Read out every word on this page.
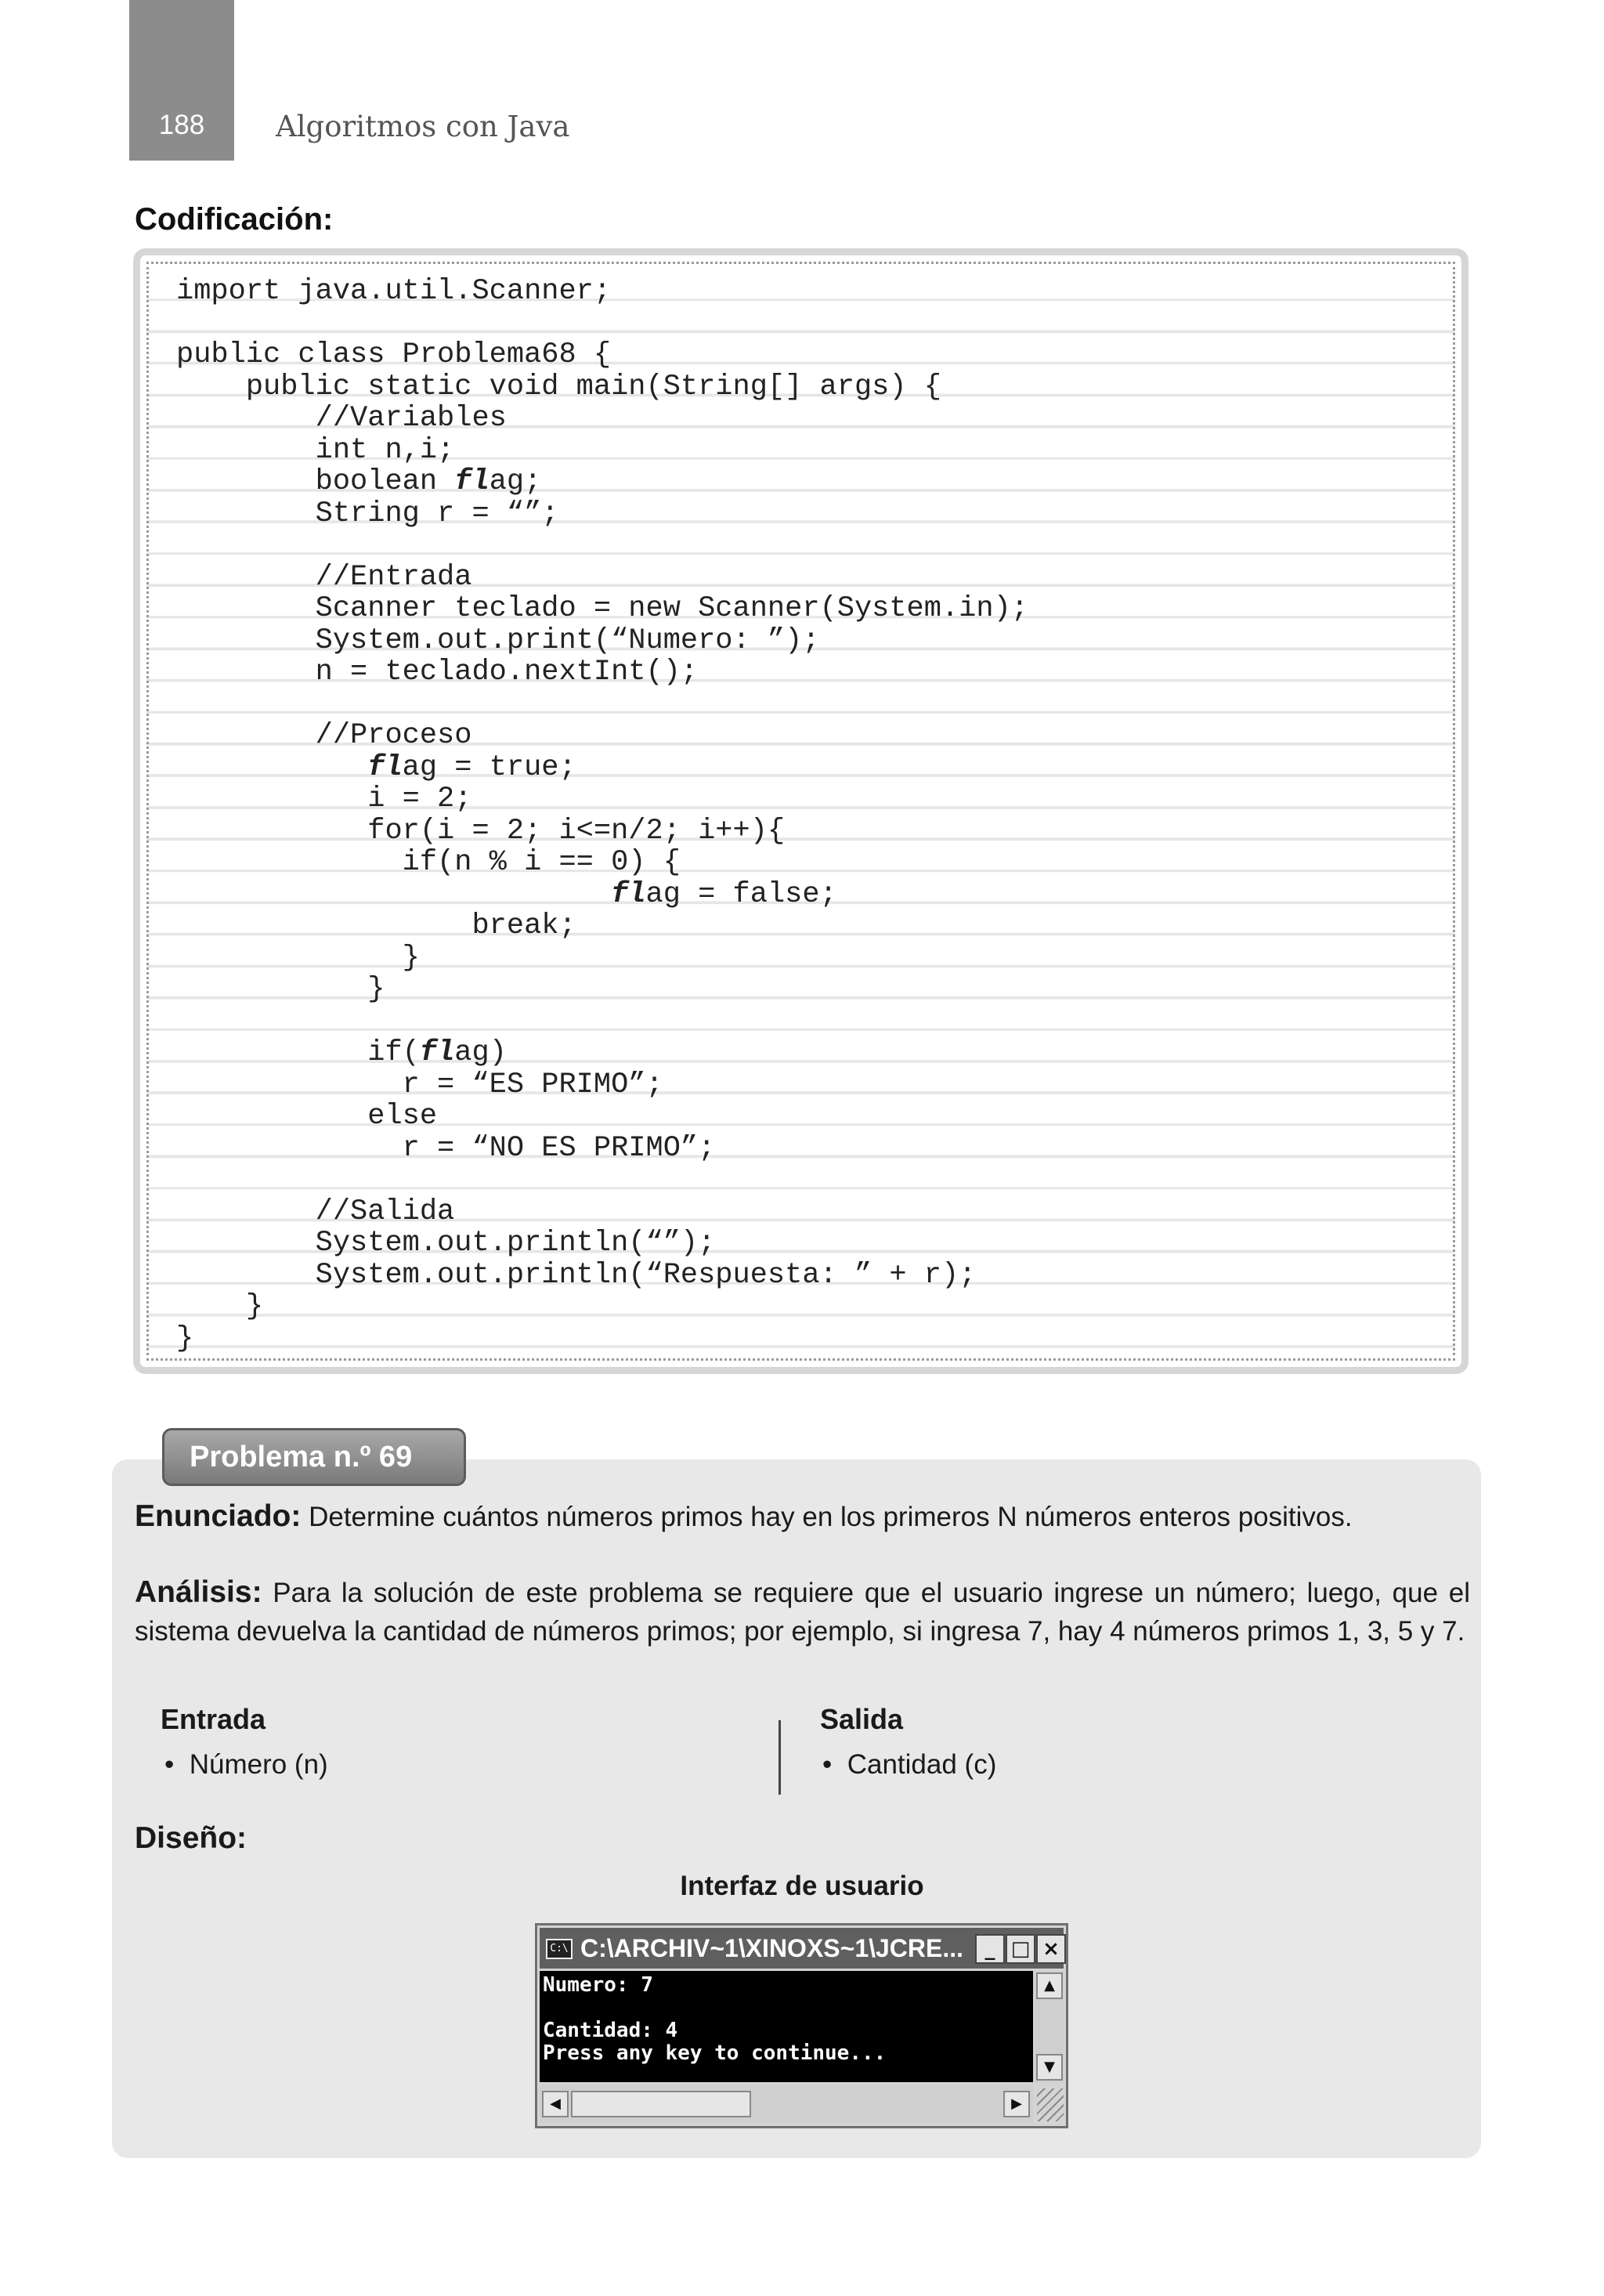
188	Algoritmos con Java
Codificación:
import java.util.Scanner;
public class Problema68 {
public static void main(String[] args) {
//Variables
int n,i;
boolean flag;
String r = “”;
//Entrada
Scanner teclado = new Scanner(System.in);
System.out.print(“Numero: ”);
n = teclado.nextInt();
//Proceso
flag = true;
i = 2;
for(i = 2; i<=n/2; i++){
if(n % i == 0) {
flag = false;
break;
}
}
if(flag)
r = “ES PRIMO”;
else
r = “NO ES PRIMO”;
//Salida
System.out.println(“”);
System.out.println(“Respuesta: ” + r);
}
}
Problema n.º 69
Enunciado: Determine cuántos números primos hay en los primeros N números enteros positivos.
Análisis: Para la solución de este problema se requiere que el usuario ingrese un número; luego, que el sistema devuelva la cantidad de números primos; por ejemplo, si ingresa 7, hay 4 números primos 1, 3, 5 y 7.
Entrada
• Número (n)
Salida
• Cantidad (c)
Diseño:
Interfaz de usuario
C:\ C:\ARCHIV~1\XINOXS~1\JCRE...	_ □ ×
Numero: 7

Cantidad: 4
Press any key to continue...
▲
▼
◀	▶
